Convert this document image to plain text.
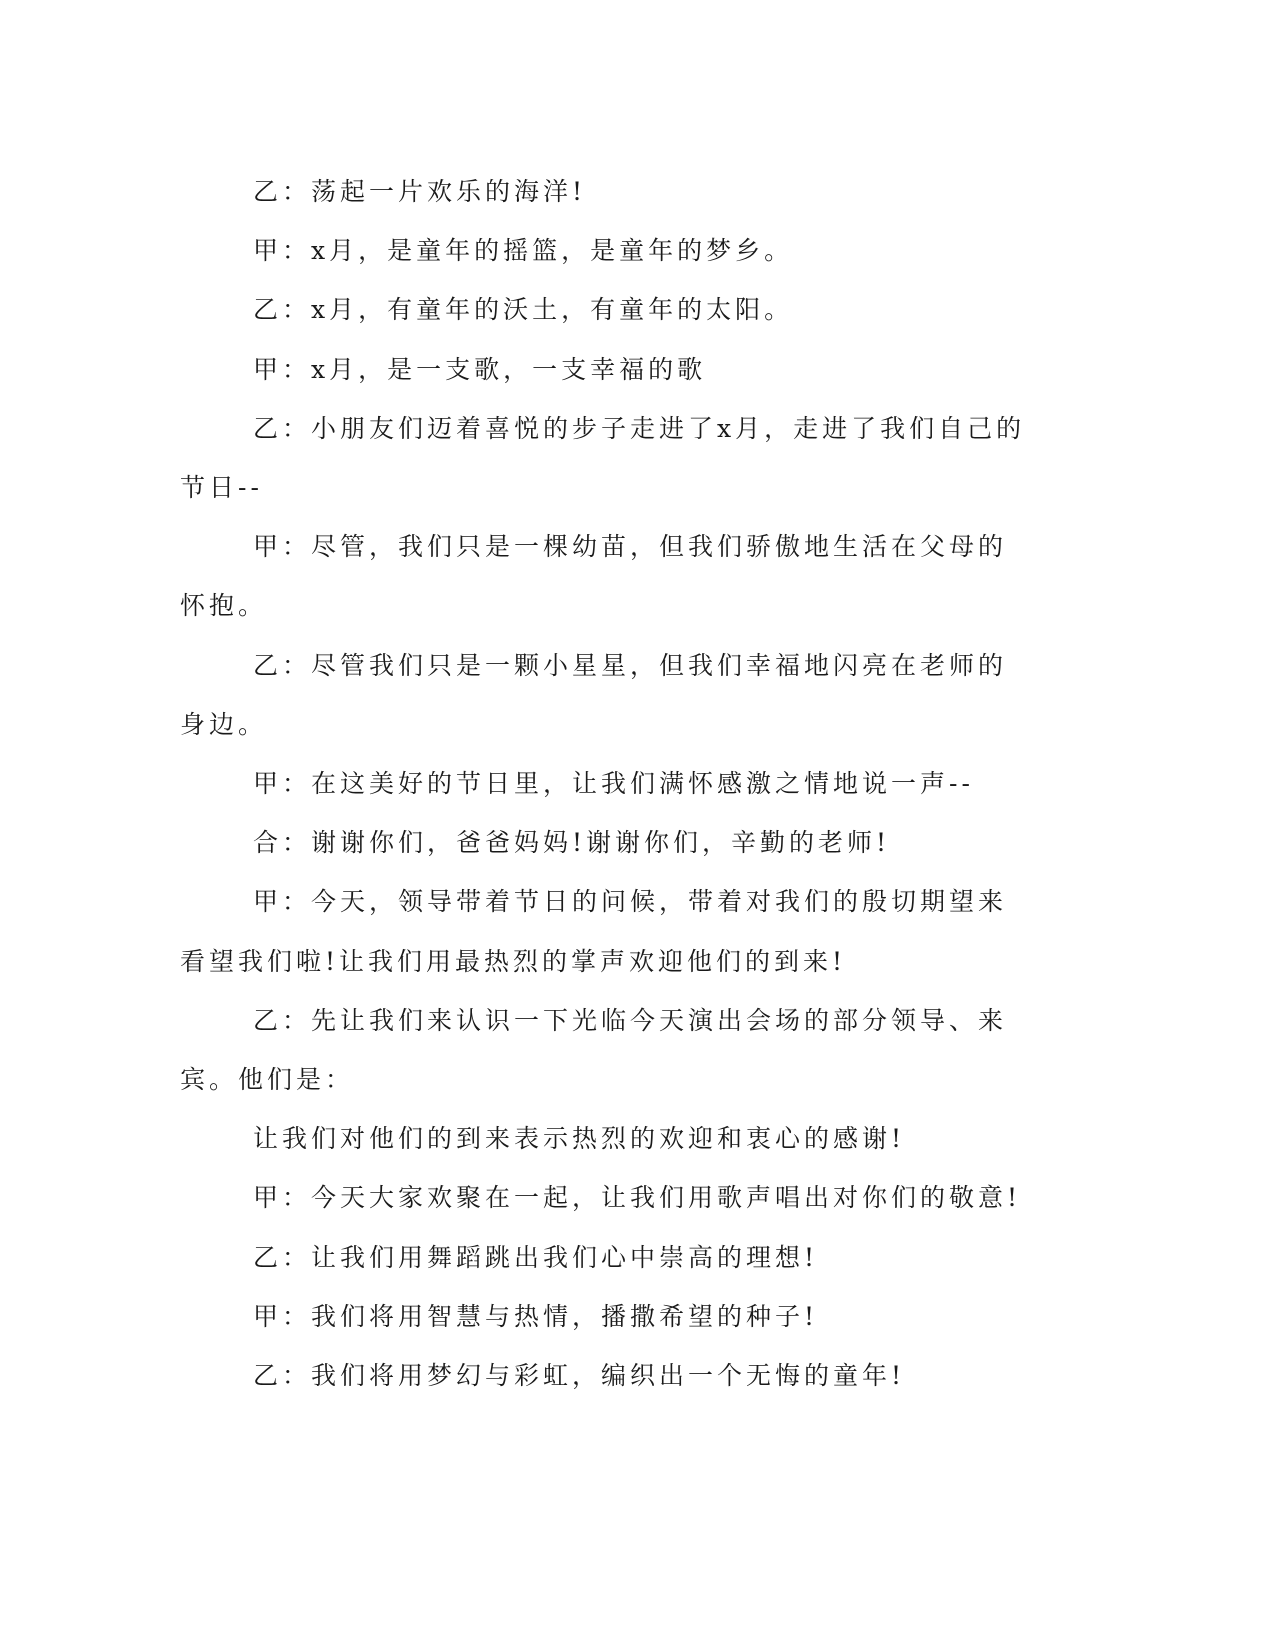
乙：荡起一片欢乐的海洋!

甲：x月，是童年的摇篮，是童年的梦乡。

乙：x月，有童年的沃土，有童年的太阳。

甲：x月，是一支歌，一支幸福的歌

乙：小朋友们迈着喜悦的步子走进了x月，走进了我们自己的节日--

甲：尽管，我们只是一棵幼苗，但我们骄傲地生活在父母的怀抱。

乙：尽管我们只是一颗小星星，但我们幸福地闪亮在老师的身边。

甲：在这美好的节日里，让我们满怀感激之情地说一声--

合：谢谢你们，爸爸妈妈!谢谢你们，辛勤的老师!

甲：今天，领导带着节日的问候，带着对我们的殷切期望来看望我们啦!让我们用最热烈的掌声欢迎他们的到来!

乙：先让我们来认识一下光临今天演出会场的部分领导、来宾。他们是：

让我们对他们的到来表示热烈的欢迎和衷心的感谢!

甲：今天大家欢聚在一起，让我们用歌声唱出对你们的敬意!

乙：让我们用舞蹈跳出我们心中崇高的理想!

甲：我们将用智慧与热情，播撒希望的种子!

乙：我们将用梦幻与彩虹，编织出一个无悔的童年!
